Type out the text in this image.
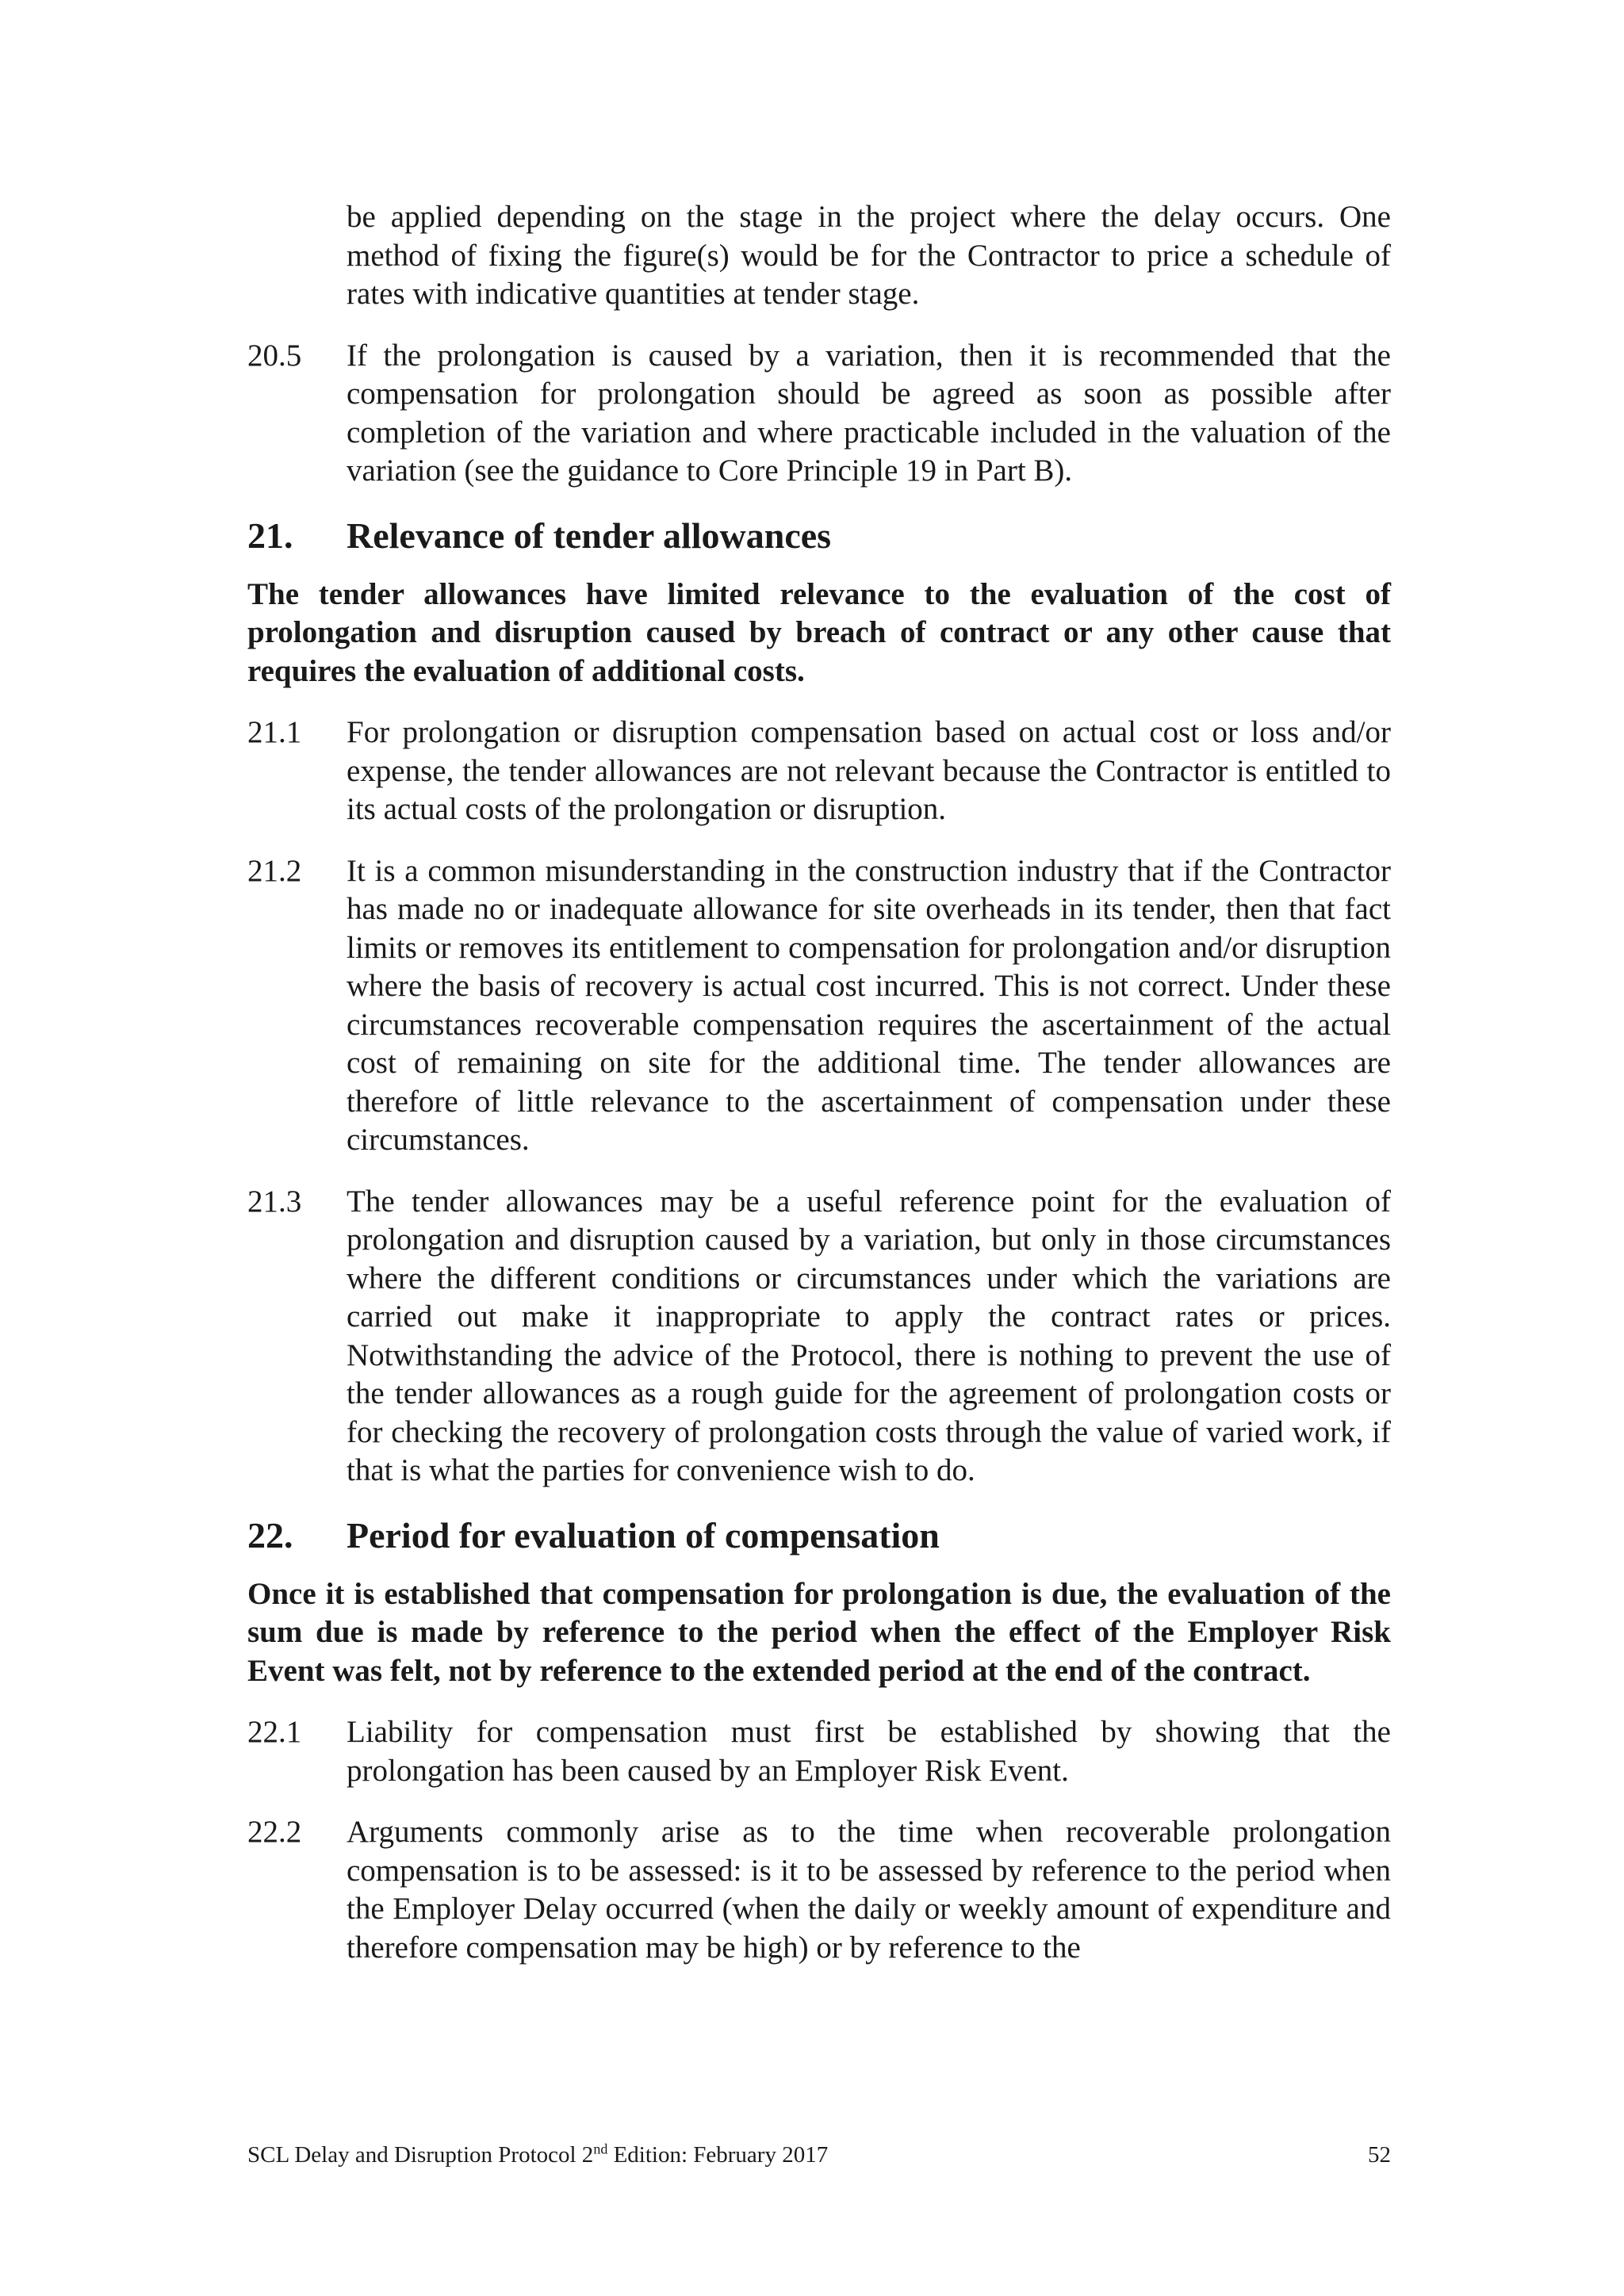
be applied depending on the stage in the project where the delay occurs. One method of fixing the figure(s) would be for the Contractor to price a schedule of rates with indicative quantities at tender stage.

20.5	If the prolongation is caused by a variation, then it is recommended that the compensation for prolongation should be agreed as soon as possible after completion of the variation and where practicable included in the valuation of the variation (see the guidance to Core Principle 19 in Part B).

21.	Relevance of tender allowances

The tender allowances have limited relevance to the evaluation of the cost of prolongation and disruption caused by breach of contract or any other cause that requires the evaluation of additional costs.

21.1	For prolongation or disruption compensation based on actual cost or loss and/or expense, the tender allowances are not relevant because the Contractor is entitled to its actual costs of the prolongation or disruption.

21.2	It is a common misunderstanding in the construction industry that if the Contractor has made no or inadequate allowance for site overheads in its tender, then that fact limits or removes its entitlement to compensation for prolongation and/or disruption where the basis of recovery is actual cost incurred. This is not correct. Under these circumstances recoverable compensation requires the ascertainment of the actual cost of remaining on site for the additional time. The tender allowances are therefore of little relevance to the ascertainment of compensation under these circumstances.

21.3	The tender allowances may be a useful reference point for the evaluation of prolongation and disruption caused by a variation, but only in those circumstances where the different conditions or circumstances under which the variations are carried out make it inappropriate to apply the contract rates or prices. Notwithstanding the advice of the Protocol, there is nothing to prevent the use of the tender allowances as a rough guide for the agreement of prolongation costs or for checking the recovery of prolongation costs through the value of varied work, if that is what the parties for convenience wish to do.

22.	Period for evaluation of compensation

Once it is established that compensation for prolongation is due, the evaluation of the sum due is made by reference to the period when the effect of the Employer Risk Event was felt, not by reference to the extended period at the end of the contract.

22.1	Liability for compensation must first be established by showing that the prolongation has been caused by an Employer Risk Event.

22.2	Arguments commonly arise as to the time when recoverable prolongation compensation is to be assessed: is it to be assessed by reference to the period when the Employer Delay occurred (when the daily or weekly amount of expenditure and therefore compensation may be high) or by reference to the

SCL Delay and Disruption Protocol 2nd Edition: February 2017	52
